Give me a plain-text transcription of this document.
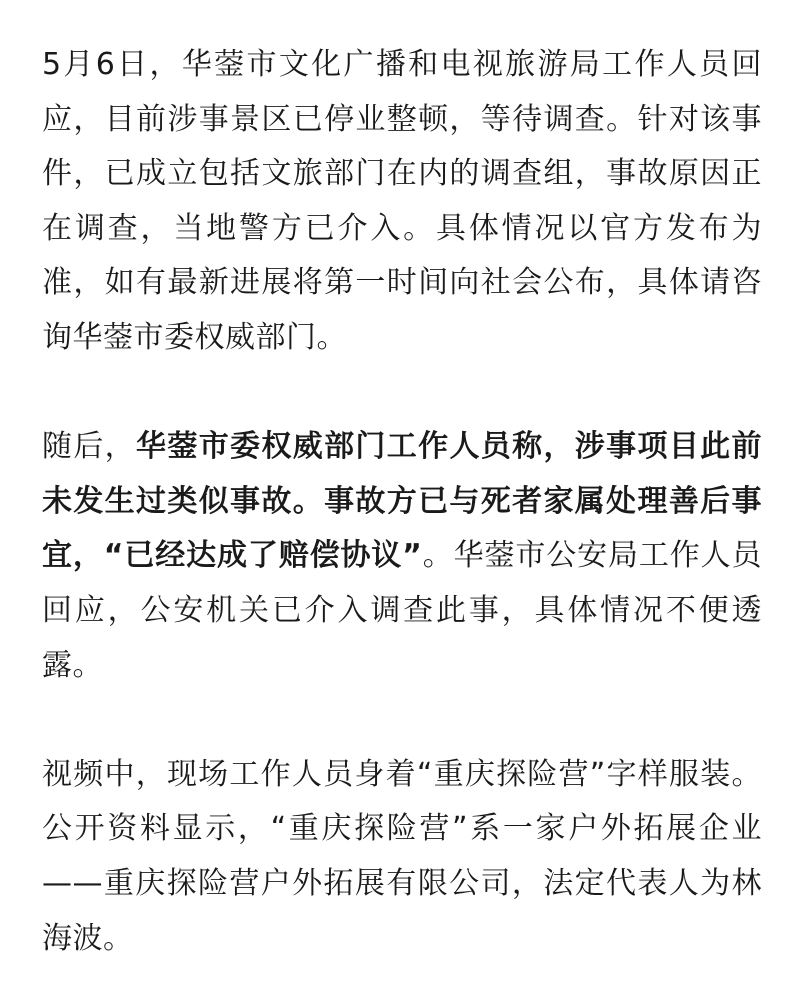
5月6日，华蓥市文化广播和电视旅游局工作人员回应，目前涉事景区已停业整顿，等待调查。针对该事件，已成立包括文旅部门在内的调查组，事故原因正在调查，当地警方已介入。具体情况以官方发布为准，如有最新进展将第一时间向社会公布，具体请咨询华蓥市委权威部门。

随后，华蓥市委权威部门工作人员称，涉事项目此前未发生过类似事故。事故方已与死者家属处理善后事宜，“已经达成了赔偿协议”。华蓥市公安局工作人员回应，公安机关已介入调查此事，具体情况不便透露。

视频中，现场工作人员身着“重庆探险营”字样服装。公开资料显示，“重庆探险营”系一家户外拓展企业——重庆探险营户外拓展有限公司，法定代表人为林海波。
